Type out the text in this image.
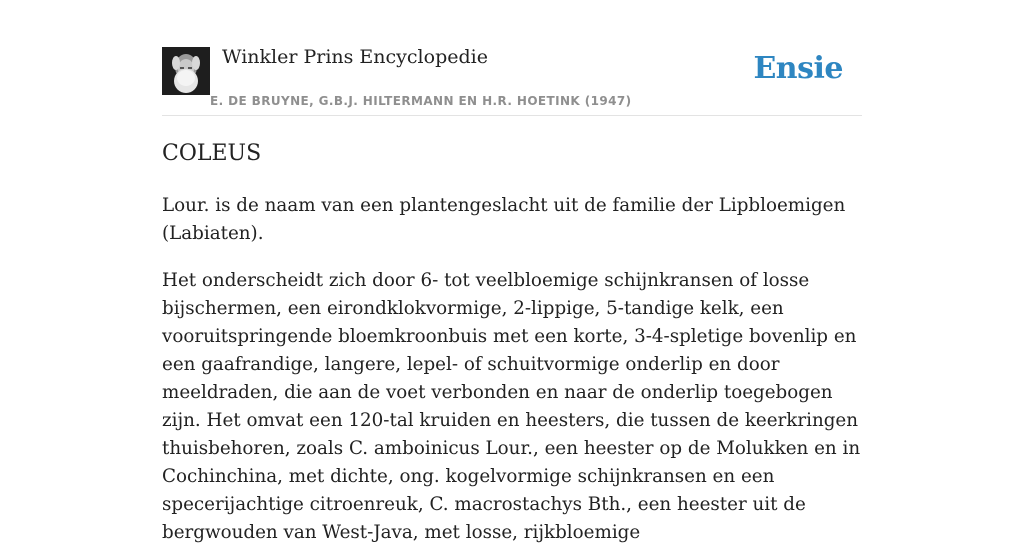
Winkler Prins Encyclopedie
E. DE BRUYNE, G.B.J. HILTERMANN EN H.R. HOETINK (1947)
Ensie
COLEUS

Lour. is de naam van een plantengeslacht uit de familie der Lipbloemigen (Labiaten).

Het onderscheidt zich door 6- tot veelbloemige schijnkransen of losse bijschermen, een eirondklokvormige, 2-lippige, 5-tandige kelk, een vooruitspringende bloemkroonbuis met een korte, 3-4-spletige bovenlip en een gaafrandige, langere, lepel- of schuitvormige onderlip en door meeldraden, die aan de voet verbonden en naar de onderlip toegebogen zijn. Het omvat een 120-tal kruiden en heesters, die tussen de keerkringen thuisbehoren, zoals C. amboinicus Lour., een heester op de Molukken en in Cochinchina, met dichte, ong. kogelvormige schijnkransen en een specerijachtige citroenreuk, C. macrostachys Bth., een heester uit de bergwouden van West-Java, met losse, rijkbloemige
